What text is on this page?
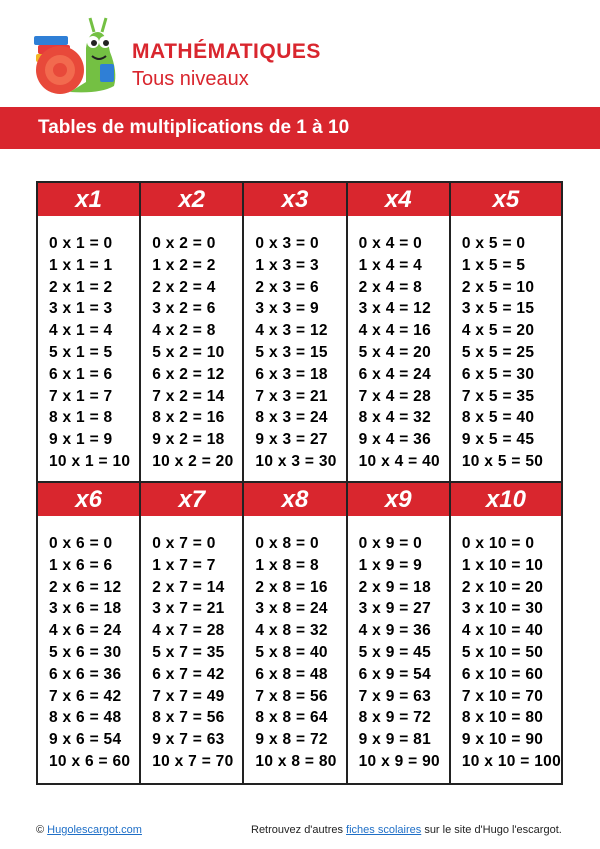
MATHÉMATIQUES
Tous niveaux
Tables de multiplications de 1 à 10
x1
0 x 1 = 0
1 x 1 = 1
2 x 1 = 2
3 x 1 = 3
4 x 1 = 4
5 x 1 = 5
6 x 1 = 6
7 x 1 = 7
8 x 1 = 8
9 x 1 = 9
10 x 1 = 10
x2
0 x 2 = 0
1 x 2 = 2
2 x 2 = 4
3 x 2 = 6
4 x 2 = 8
5 x 2 = 10
6 x 2 = 12
7 x 2 = 14
8 x 2 = 16
9 x 2 = 18
10 x 2 = 20
x3
0 x 3 = 0
1 x 3 = 3
2 x 3 = 6
3 x 3 = 9
4 x 3 = 12
5 x 3 = 15
6 x 3 = 18
7 x 3 = 21
8 x 3 = 24
9 x 3 = 27
10 x 3 = 30
x4
0 x 4 = 0
1 x 4 = 4
2 x 4 = 8
3 x 4 = 12
4 x 4 = 16
5 x 4 = 20
6 x 4 = 24
7 x 4 = 28
8 x 4 = 32
9 x 4 = 36
10 x 4 = 40
x5
0 x 5 = 0
1 x 5 = 5
2 x 5 = 10
3 x 5 = 15
4 x 5 = 20
5 x 5 = 25
6 x 5 = 30
7 x 5 = 35
8 x 5 = 40
9 x 5 = 45
10 x 5 = 50
x6
0 x 6 = 0
1 x 6 = 6
2 x 6 = 12
3 x 6 = 18
4 x 6 = 24
5 x 6 = 30
6 x 6 = 36
7 x 6 = 42
8 x 6 = 48
9 x 6 = 54
10 x 6 = 60
x7
0 x 7 = 0
1 x 7 = 7
2 x 7 = 14
3 x 7 = 21
4 x 7 = 28
5 x 7 = 35
6 x 7 = 42
7 x 7 = 49
8 x 7 = 56
9 x 7 = 63
10 x 7 = 70
x8
0 x 8 = 0
1 x 8 = 8
2 x 8 = 16
3 x 8 = 24
4 x 8 = 32
5 x 8 = 40
6 x 8 = 48
7 x 8 = 56
8 x 8 = 64
9 x 8 = 72
10 x 8 = 80
x9
0 x 9 = 0
1 x 9 = 9
2 x 9 = 18
3 x 9 = 27
4 x 9 = 36
5 x 9 = 45
6 x 9 = 54
7 x 9 = 63
8 x 9 = 72
9 x 9 = 81
10 x 9 = 90
x10
0 x 10 = 0
1 x 10 = 10
2 x 10 = 20
3 x 10 = 30
4 x 10 = 40
5 x 10 = 50
6 x 10 = 60
7 x 10 = 70
8 x 10 = 80
9 x 10 = 90
10 x 10 = 100
© Hugolescargot.com	Retrouvez d'autres fiches scolaires sur le site d'Hugo l'escargot.
